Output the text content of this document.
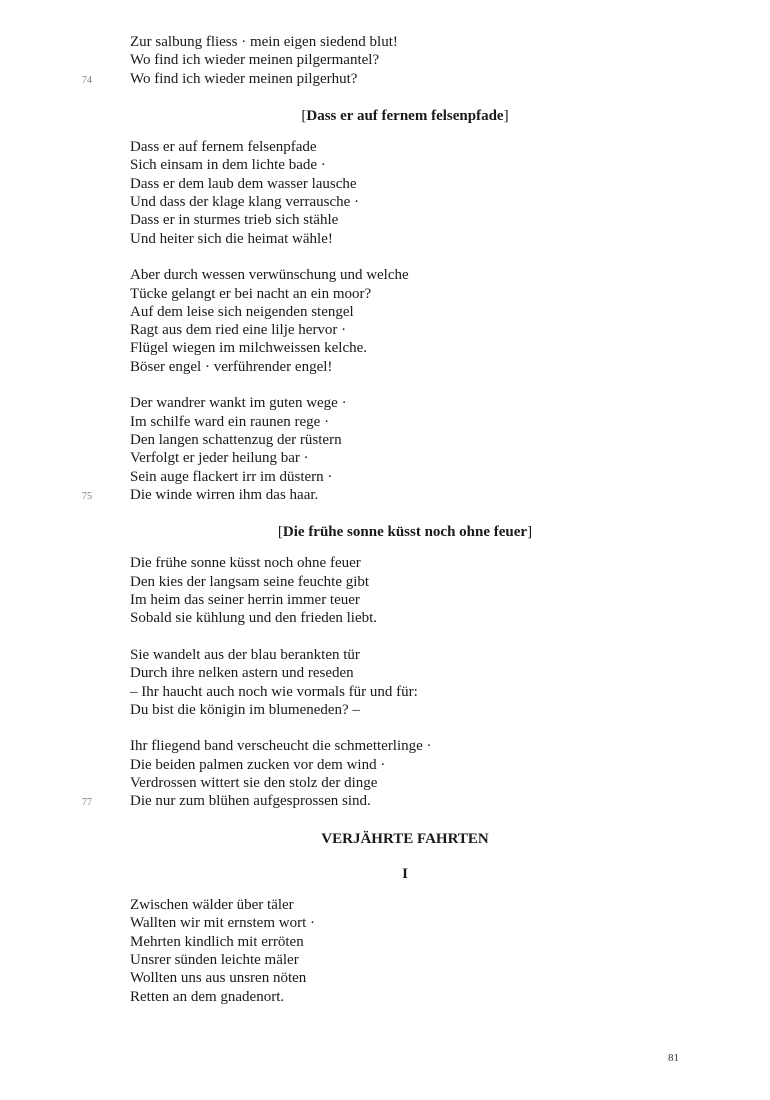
Zur salbung fliess · mein eigen siedend blut!
Wo find ich wieder meinen pilgermantel?
74	Wo find ich wieder meinen pilgerhut?
[Dass er auf fernem felsenpfade]
Dass er auf fernem felsenpfade
Sich einsam in dem lichte bade ·
Dass er dem laub dem wasser lausche
Und dass der klage klang verrausche ·
Dass er in sturmes trieb sich stähle
Und heiter sich die heimat wähle!
Aber durch wessen verwünschung und welche
Tücke gelangt er bei nacht an ein moor?
Auf dem leise sich neigenden stengel
Ragt aus dem ried eine lilje hervor ·
Flügel wiegen im milchweissen kelche.
Böser engel · verführender engel!
Der wandrer wankt im guten wege ·
Im schilfe ward ein raunen rege ·
Den langen schattenzug der rüstern
Verfolgt er jeder heilung bar ·
Sein auge flackert irr im düstern ·
75	Die winde wirren ihm das haar.
[Die frühe sonne küsst noch ohne feuer]
Die frühe sonne küsst noch ohne feuer
Den kies der langsam seine feuchte gibt
Im heim das seiner herrin immer teuer
Sobald sie kühlung und den frieden liebt.
Sie wandelt aus der blau berankten tür
Durch ihre nelken astern und reseden
– Ihr haucht auch noch wie vormals für und für:
Du bist die königin im blumeneden? –
Ihr fliegend band verscheucht die schmetterlinge ·
Die beiden palmen zucken vor dem wind ·
Verdrossen wittert sie den stolz der dinge
77	Die nur zum blühen aufgesprossen sind.
VERJÄHRTE FAHRTEN
I
Zwischen wälder über täler
Wallten wir mit ernstem wort ·
Mehrten kindlich mit erröten
Unsrer sünden leichte mäler
Wollten uns aus unsren nöten
Retten an dem gnadenort.
81
